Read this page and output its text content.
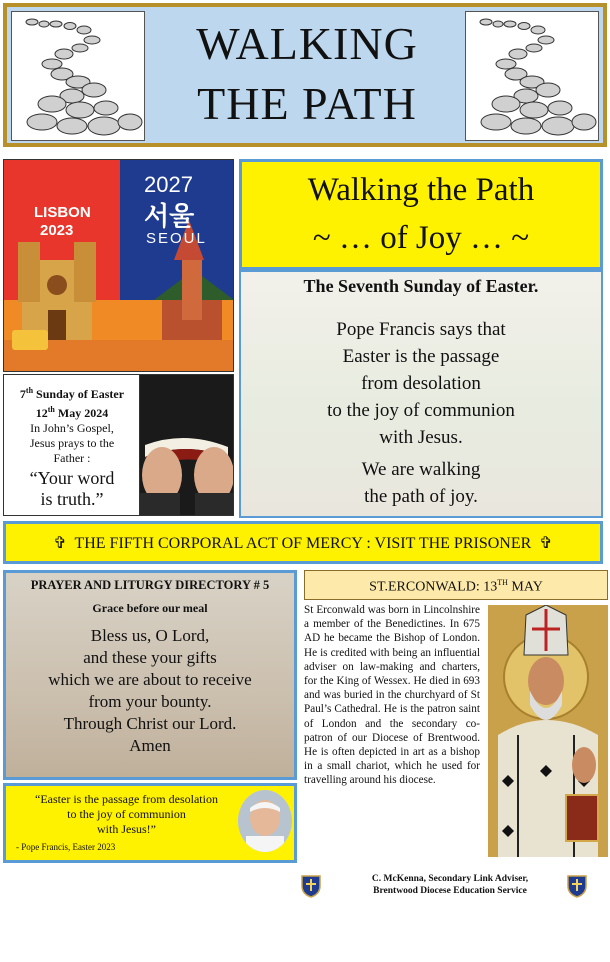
WALKING
THE PATH
LISBON
2023
2027
서울
SEOUL
Walking the Path
~ … of Joy … ~
The Seventh Sunday of Easter.
Pope Francis says that
Easter is the passage
from desolation
to the joy of communion
with Jesus.
We are walking
the path of joy.
7th Sunday of Easter
12th May 2024
In John’s Gospel,
Jesus prays to the
Father :
“Your word
is truth.”
✞ THE FIFTH CORPORAL ACT OF MERCY : VISIT THE PRISONER ✞
PRAYER AND LITURGY DIRECTORY # 5
Grace before our meal
Bless us, O Lord,
and these your gifts
which we are about to receive
from your bounty.
Through Christ our Lord.
Amen
“Easter is the passage from desolation
to the joy of communion
with Jesus!”
- Pope Francis, Easter 2023
ST.ERCONWALD: 13TH MAY
St Erconwald was born in Lincolnshire a member of the Benedictines. In 675 AD he became the Bishop of London. He is credited with being an influential adviser on law-making and charters, for the King of Wessex. He died in 693 and was buried in the churchyard of St Paul’s Cathedral. He is the patron saint of London and the secondary co-patron of our Diocese of Brentwood. He is often depicted in art as a bishop in a small chariot, which he used for travelling around his diocese.
C. McKenna, Secondary Link Adviser,
Brentwood Diocese Education Service
